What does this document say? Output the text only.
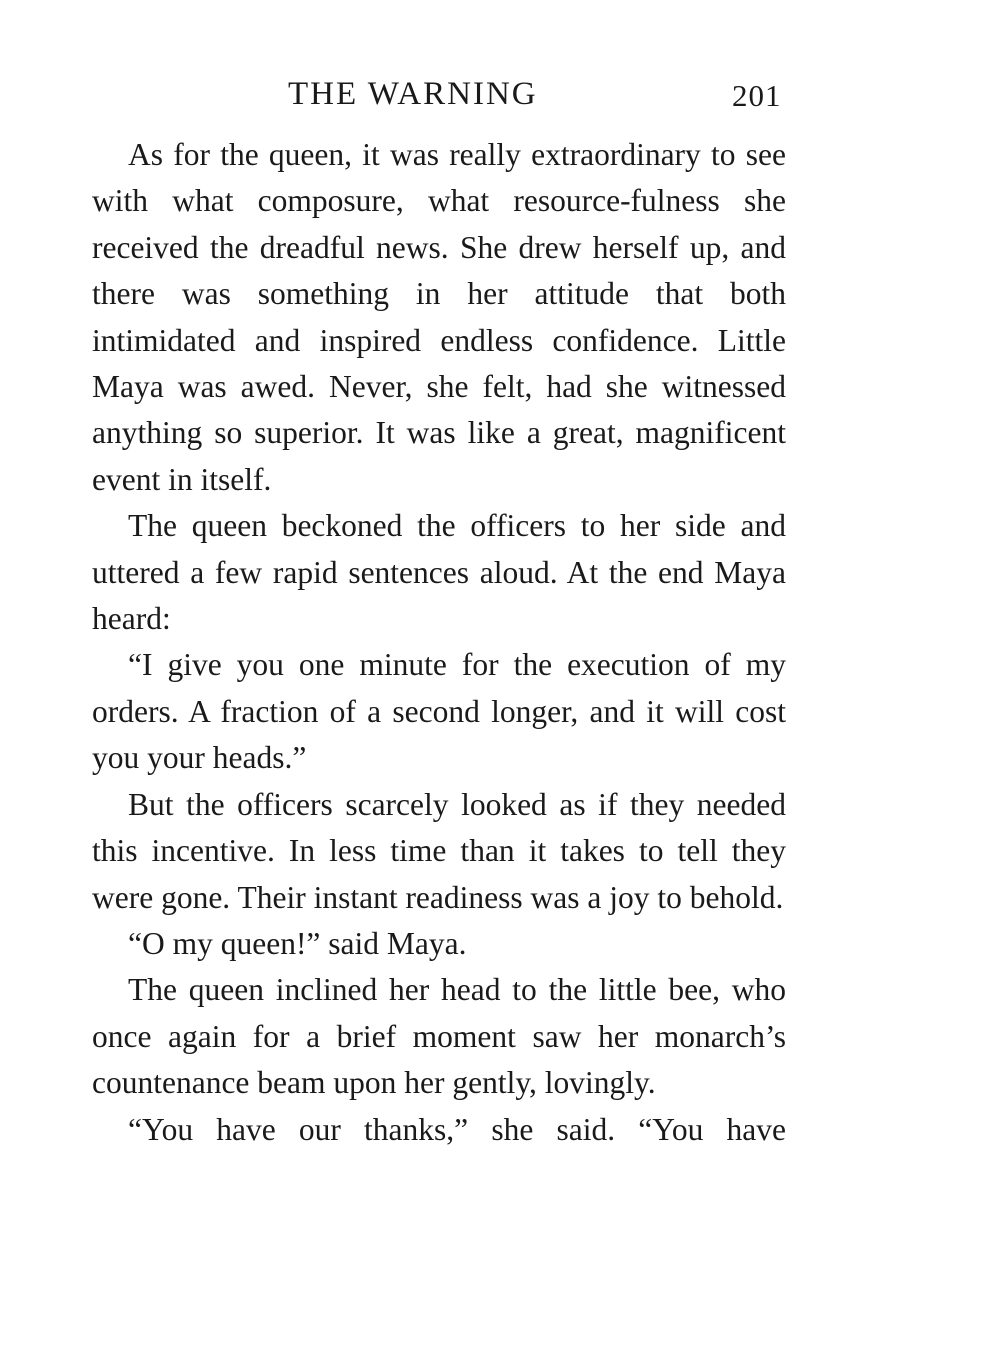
THE WARNING	201

As for the queen, it was really extraordinary to see with what composure, what resource-fulness she received the dreadful news. She drew herself up, and there was something in her attitude that both intimidated and inspired endless confidence. Little Maya was awed. Never, she felt, had she witnessed anything so superior. It was like a great, magnificent event in itself.

The queen beckoned the officers to her side and uttered a few rapid sentences aloud. At the end Maya heard:

“I give you one minute for the execution of my orders. A fraction of a second longer, and it will cost you your heads.”

But the officers scarcely looked as if they needed this incentive. In less time than it takes to tell they were gone. Their instant readiness was a joy to behold.

“O my queen!” said Maya.

The queen inclined her head to the little bee, who once again for a brief moment saw her monarch’s countenance beam upon her gently, lovingly.

“You have our thanks,” she said. “You have
